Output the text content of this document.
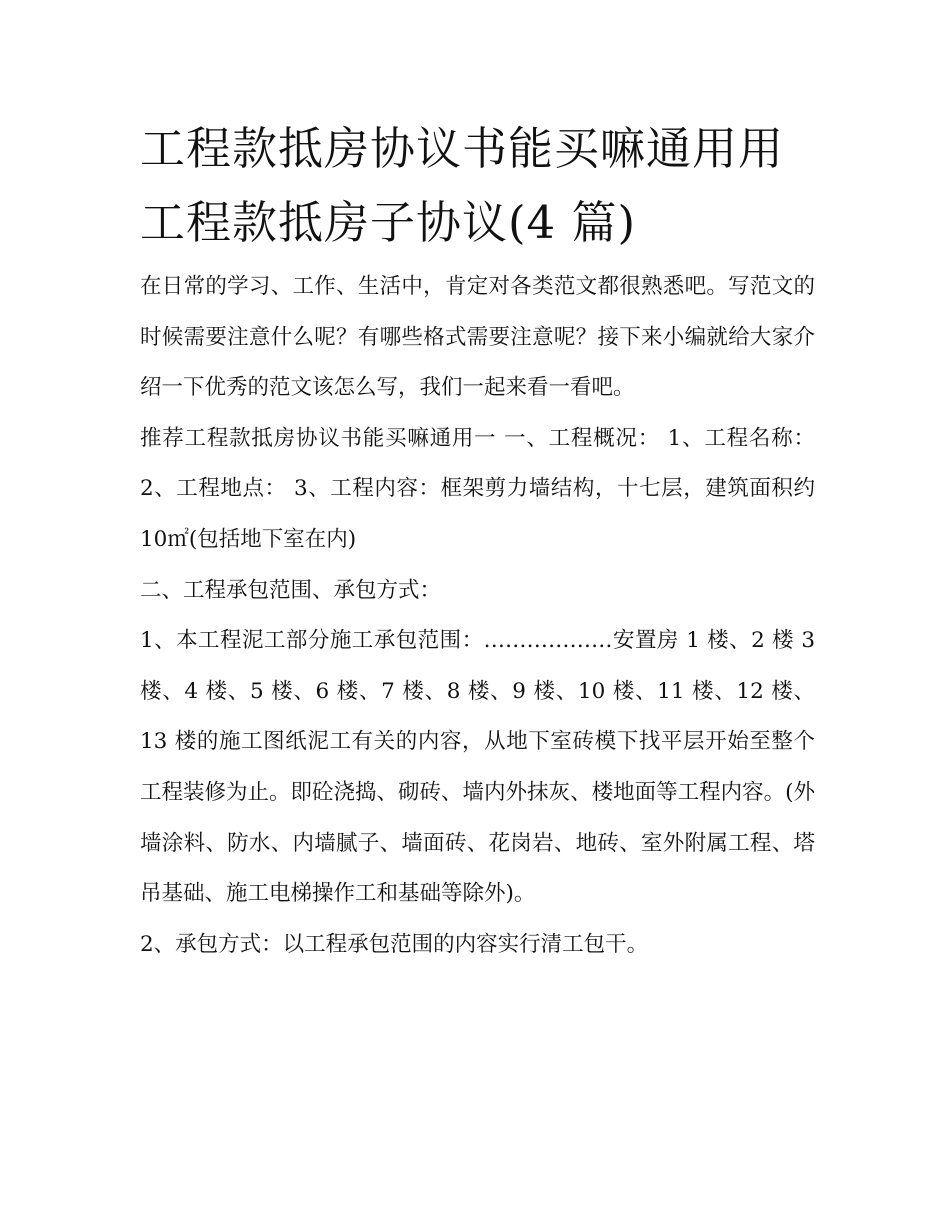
工程款抵房协议书能买嘛通用用工程款抵房子协议(4 篇)

在日常的学习、工作、生活中，肯定对各类范文都很熟悉吧。写范文的时候需要注意什么呢？有哪些格式需要注意呢？接下来小编就给大家介绍一下优秀的范文该怎么写，我们一起来看一看吧。

推荐工程款抵房协议书能买嘛通用一 一、工程概况： 1、工程名称： 2、工程地点： 3、工程内容：框架剪力墙结构，十七层，建筑面积约 10㎡(包括地下室在内)

二、工程承包范围、承包方式：

1、本工程泥工部分施工承包范围：………………安置房 1 楼、2 楼 3 楼、4 楼、5 楼、6 楼、7 楼、8 楼、9 楼、10 楼、11 楼、12 楼、13 楼的施工图纸泥工有关的内容，从地下室砖模下找平层开始至整个工程装修为止。即砼浇捣、砌砖、墙内外抹灰、楼地面等工程内容。(外墙涂料、防水、内墙腻子、墙面砖、花岗岩、地砖、室外附属工程、塔吊基础、施工电梯操作工和基础等除外)。

2、承包方式：以工程承包范围的内容实行清工包干。
